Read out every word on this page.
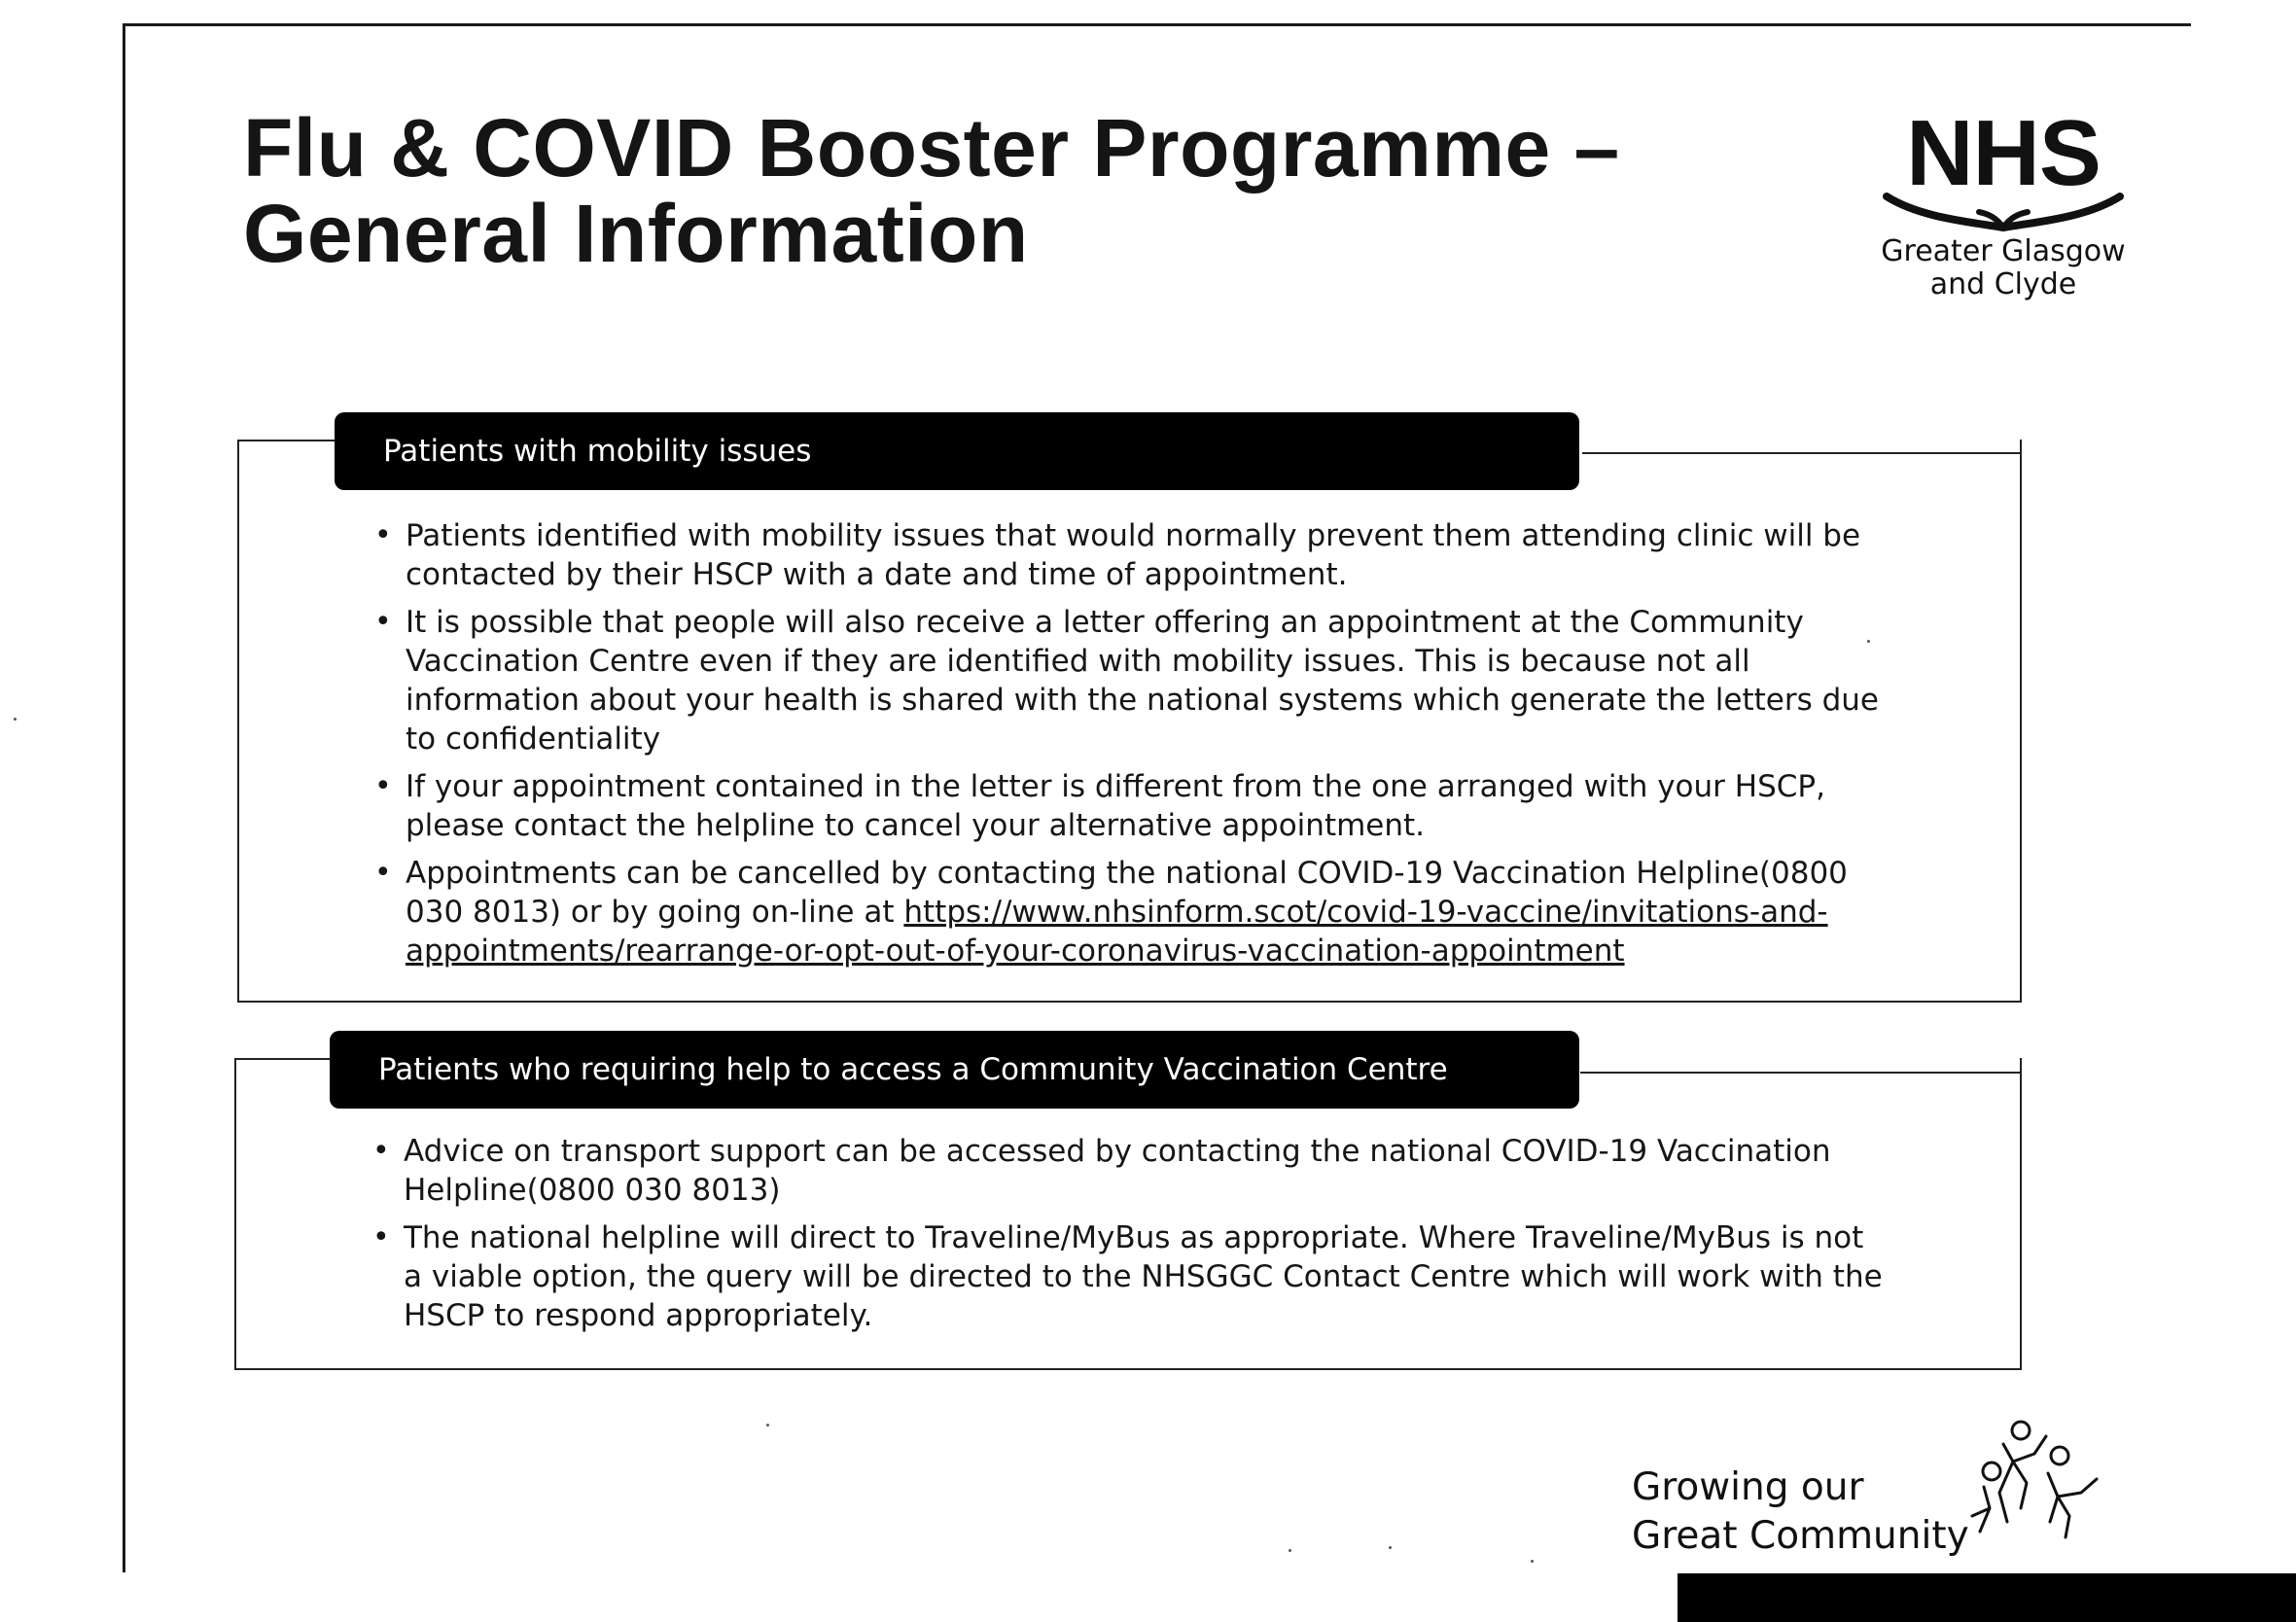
Flu & COVID Booster Programme –
General Information
NHS
Greater Glasgow
and Clyde
Patients with mobility issues
• Patients identified with mobility issues that would normally prevent them attending clinic will be contacted by their HSCP with a date and time of appointment.
• It is possible that people will also receive a letter offering an appointment at the Community Vaccination Centre even if they are identified with mobility issues. This is because not all information about your health is shared with the national systems which generate the letters due to confidentiality
• If your appointment contained in the letter is different from the one arranged with your HSCP, please contact the helpline to cancel your alternative appointment.
• Appointments can be cancelled by contacting the national COVID-19 Vaccination Helpline(0800 030 8013) or by going on-line at https://www.nhsinform.scot/covid-19-vaccine/invitations-and-appointments/rearrange-or-opt-out-of-your-coronavirus-vaccination-appointment
Patients who requiring help to access a Community Vaccination Centre
• Advice on transport support can be accessed by contacting the national COVID-19 Vaccination Helpline(0800 030 8013)
• The national helpline will direct to Traveline/MyBus as appropriate. Where Traveline/MyBus is not a viable option, the query will be directed to the NHSGGC Contact Centre which will work with the HSCP to respond appropriately.
Growing our
Great Community
